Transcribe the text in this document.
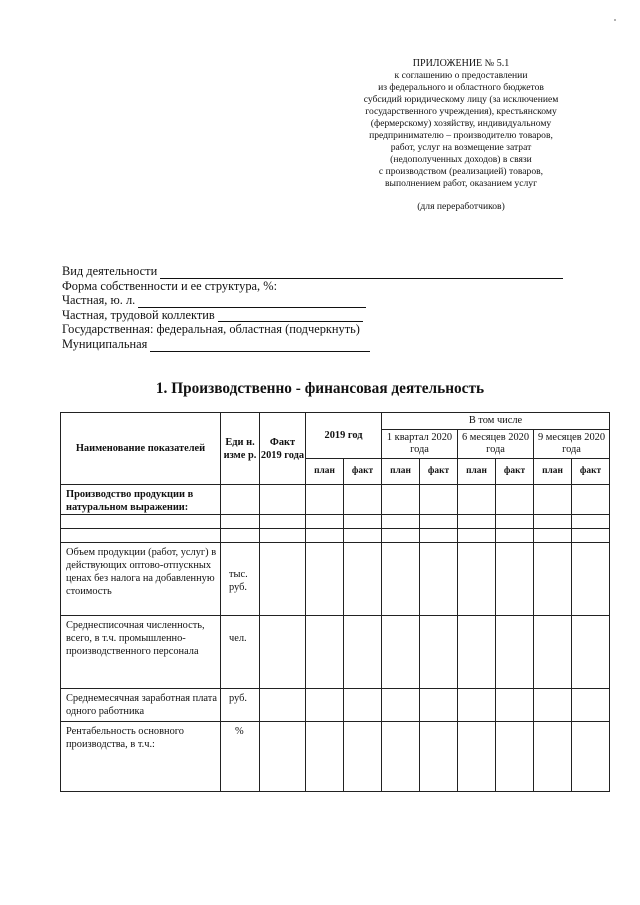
ПРИЛОЖЕНИЕ № 5.1
к соглашению о предоставлении
из федерального и областного бюджетов
субсидий юридическому лицу (за исключением
государственного учреждения), крестьянскому
(фермерскому) хозяйству, индивидуальному
предпринимателю – производителю товаров,
работ, услуг на возмещение затрат
(недополученных доходов) в связи
с производством (реализацией) товаров,
выполнением работ, оказанием услуг
(для переработчиков)
Вид деятельности
Форма собственности и ее структура, %:
Частная, ю. л.
Частная, трудовой коллектив
Государственная: федеральная, областная (подчеркнуть)
Муниципальная
1. Производственно - финансовая деятельность
Наименование показателей	Еди н. изме р.	Факт 2019 года	2019 год		В том числе					
					1 квартал 2020 года		6 месяцев 2020 года		9 месяцев 2020 года	
			план	факт	план	факт	план	факт	план	факт
Производство продукции в натуральном выражении:										

Объем продукции (работ, услуг) в действующих оптово-отпускных ценах без налога на добавленную стоимость	тыс. руб.									
Среднесписочная численность, всего, в т.ч. промышленно-производственного персонала	чел.									
Среднемесячная заработная плата одного работника	руб.									
Рентабельность основного производства, в т.ч.:	%									
